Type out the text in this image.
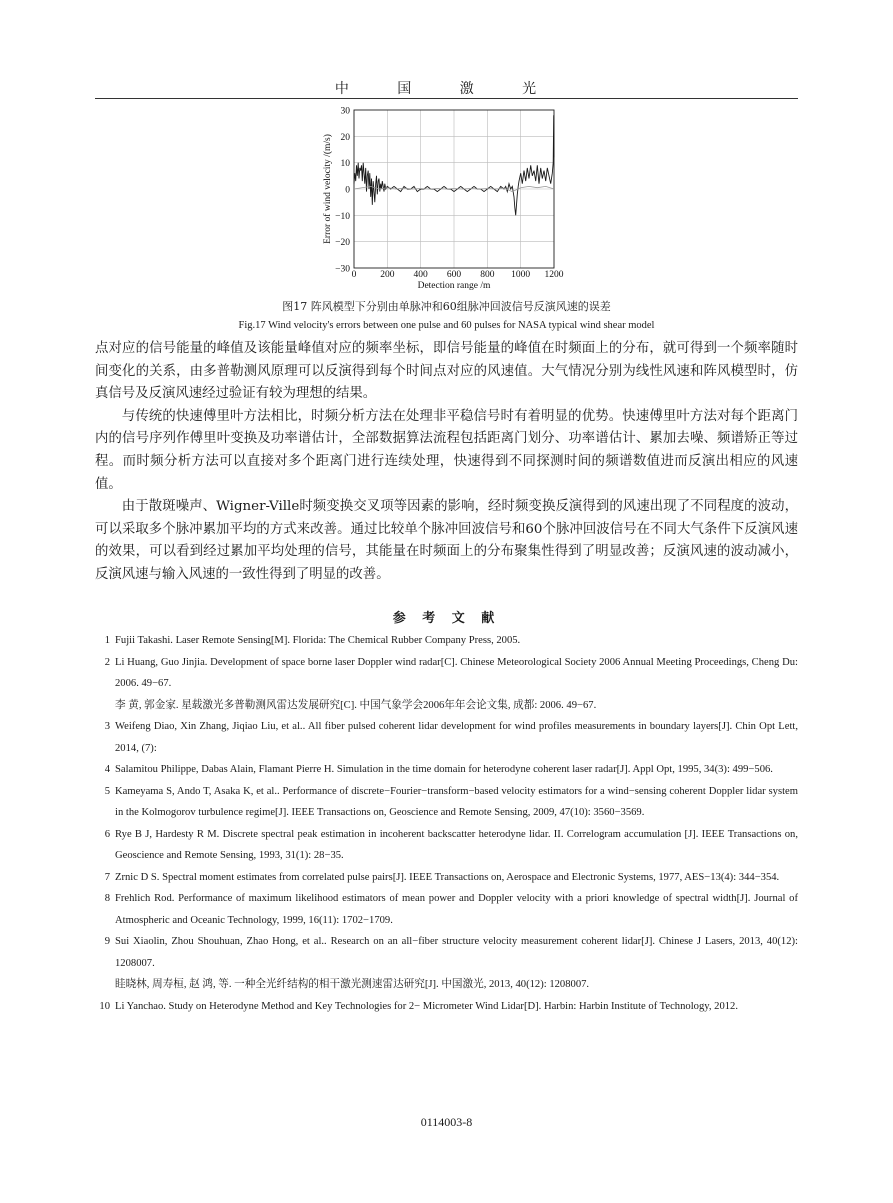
中 国 激 光
0	200 400 600 800 1000 1200
30
20
10
0
−10
−20
−30
Detection range /m
Error of wind velocity /(m/s)
图17 阵风模型下分别由单脉冲和60组脉冲回波信号反演风速的误差
Fig.17 Wind velocity's errors between one pulse and 60 pulses for NASA typical wind shear model

点对应的信号能量的峰值及该能量峰值对应的频率坐标，即信号能量的峰值在时频面上的分布，就可得到一个频率随时间变化的关系，由多普勒测风原理可以反演得到每个时间点对应的风速值。大气情况分别为线性风速和阵风模型时，仿真信号及反演风速经过验证有较为理想的结果。

与传统的快速傅里叶方法相比，时频分析方法在处理非平稳信号时有着明显的优势。快速傅里叶方法对每个距离门内的信号序列作傅里叶变换及功率谱估计，全部数据算法流程包括距离门划分、功率谱估计、累加去噪、频谱矫正等过程。而时频分析方法可以直接对多个距离门进行连续处理，快速得到不同探测时间的频谱数值进而反演出相应的风速值。

由于散斑噪声、Wigner-Ville时频变换交叉项等因素的影响，经时频变换反演得到的风速出现了不同程度的波动，可以采取多个脉冲累加平均的方式来改善。通过比较单个脉冲回波信号和60个脉冲回波信号在不同大气条件下反演风速的效果，可以看到经过累加平均处理的信号，其能量在时频面上的分布聚集性得到了明显改善；反演风速的波动减小，反演风速与输入风速的一致性得到了明显的改善。

参 考 文 献
1 Fujii Takashi. Laser Remote Sensing[M]. Florida: The Chemical Rubber Company Press, 2005.
2 Li Huang, Guo Jinjia. Development of space borne laser Doppler wind radar[C]. Chinese Meteorological Society 2006 Annual Meeting Proceedings, Cheng Du: 2006. 49−67.
李 黄, 郭金家. 星载激光多普勒测风雷达发展研究[C]. 中国气象学会2006年年会论文集, 成都: 2006. 49−67.
3 Weifeng Diao, Xin Zhang, Jiqiao Liu, et al.. All fiber pulsed coherent lidar development for wind profiles measurements in boundary layers[J]. Chin Opt Lett, 2014, (7):
4 Salamitou Philippe, Dabas Alain, Flamant Pierre H. Simulation in the time domain for heterodyne coherent laser radar[J]. Appl Opt, 1995, 34(3): 499−506.
5 Kameyama S, Ando T, Asaka K, et al.. Performance of discrete−Fourier−transform−based velocity estimators for a wind−sensing coherent Doppler lidar system in the Kolmogorov turbulence regime[J]. IEEE Transactions on, Geoscience and Remote Sensing, 2009, 47(10): 3560−3569.
6 Rye B J, Hardesty R M. Discrete spectral peak estimation in incoherent backscatter heterodyne lidar. II. Correlogram accumulation [J]. IEEE Transactions on, Geoscience and Remote Sensing, 1993, 31(1): 28−35.
7 Zrnic D S. Spectral moment estimates from correlated pulse pairs[J]. IEEE Transactions on, Aerospace and Electronic Systems, 1977, AES−13(4): 344−354.
8 Frehlich Rod. Performance of maximum likelihood estimators of mean power and Doppler velocity with a priori knowledge of spectral width[J]. Journal of Atmospheric and Oceanic Technology, 1999, 16(11): 1702−1709.
9 Sui Xiaolin, Zhou Shouhuan, Zhao Hong, et al.. Research on an all−fiber structure velocity measurement coherent lidar[J]. Chinese J Lasers, 2013, 40(12): 1208007.
眭晓林, 周寿桓, 赵 鸿, 等. 一种全光纤结构的相干激光测速雷达研究[J]. 中国激光, 2013, 40(12): 1208007.
10 Li Yanchao. Study on Heterodyne Method and Key Technologies for 2− Micrometer Wind Lidar[D]. Harbin: Harbin Institute of Technology, 2012.
0114003-8
